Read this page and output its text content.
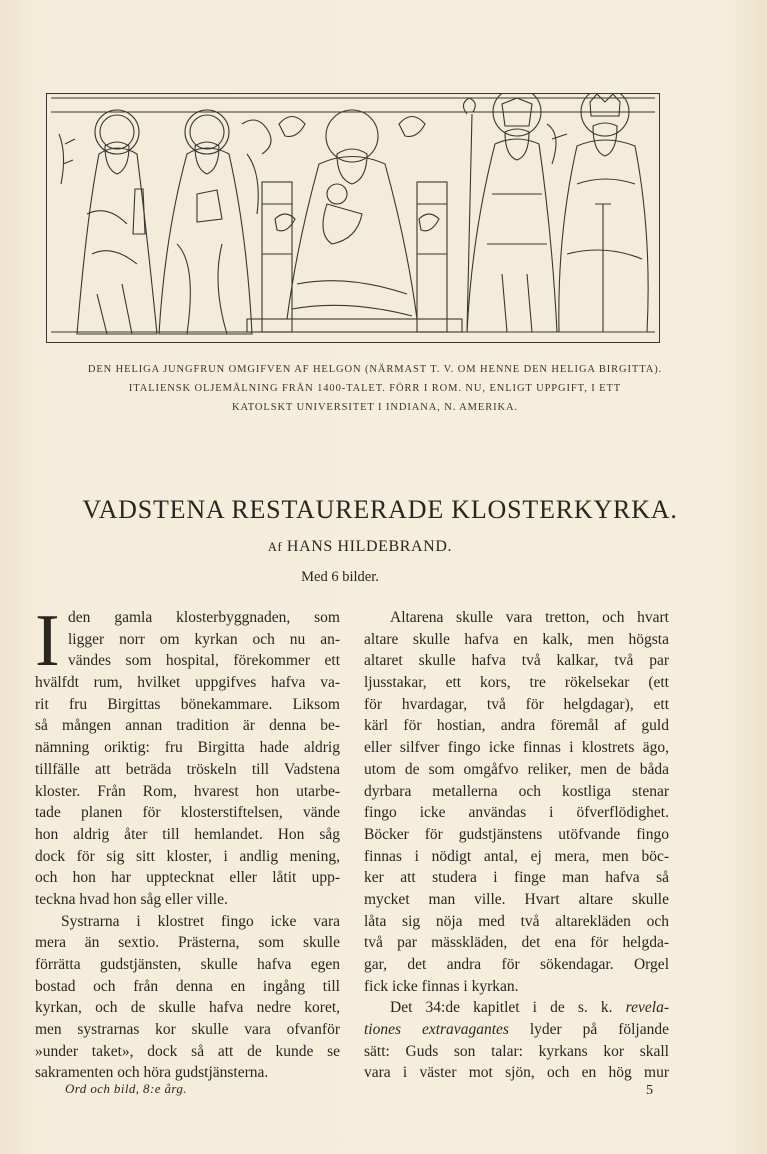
DEN HELIGA JUNGFRUN OMGIFVEN AF HELGON (NÄRMAST T. V. OM HENNE DEN HELIGA BIRGITTA).
ITALIENSK OLJEMÅLNING FRÅN 1400-TALET. FÖRR I ROM. NU, ENLIGT UPPGIFT, I ETT
KATOLSKT UNIVERSITET I INDIANA, N. AMERIKA.
VADSTENA RESTAURERADE KLOSTERKYRKA.
Af HANS HILDEBRAND.
Med 6 bilder.
I den gamla klosterbyggnaden, som
ligger norr om kyrkan och nu an-
vändes som hospital, förekommer ett
hvälfdt rum, hvilket uppgifves hafva va-
rit fru Birgittas bönekammare. Liksom
så mången annan tradition är denna be-
nämning oriktig: fru Birgitta hade aldrig
tillfälle att beträda tröskeln till Vadstena
kloster. Från Rom, hvarest hon utarbe-
tade planen för klosterstiftelsen, vände
hon aldrig åter till hemlandet. Hon såg
dock för sig sitt kloster, i andlig mening,
och hon har upptecknat eller låtit upp-
teckna hvad hon såg eller ville.
Systrarna i klostret fingo icke vara
mera än sextio. Prästerna, som skulle
förrätta gudstjänsten, skulle hafva egen
bostad och från denna en ingång till
kyrkan, och de skulle hafva nedre koret,
men systrarnas kor skulle vara ofvanför
»under taket», dock så att de kunde se
sakramenten och höra gudstjänsterna.
Altarena skulle vara tretton, och hvart
altare skulle hafva en kalk, men högsta
altaret skulle hafva två kalkar, två par
ljusstakar, ett kors, tre rökelsekar (ett
för hvardagar, två för helgdagar), ett
kärl för hostian, andra föremål af guld
eller silfver fingo icke finnas i klostrets ägo,
utom de som omgåfvo reliker, men de båda
dyrbara metallerna och kostliga stenar
fingo icke användas i öfverflödighet.
Böcker för gudstjänstens utöfvande fingo
finnas i nödigt antal, ej mera, men böc-
ker att studera i finge man hafva så
mycket man ville. Hvart altare skulle
låta sig nöja med två altarekläden och
två par mässkläden, det ena för helgda-
gar, det andra för sökendagar. Orgel
fick icke finnas i kyrkan.
Det 34:de kapitlet i de s. k. revela-
tiones extravagantes lyder på följande
sätt: Guds son talar: kyrkans kor skall
vara i väster mot sjön, och en hög mur
Ord och bild, 8:e årg.	5
